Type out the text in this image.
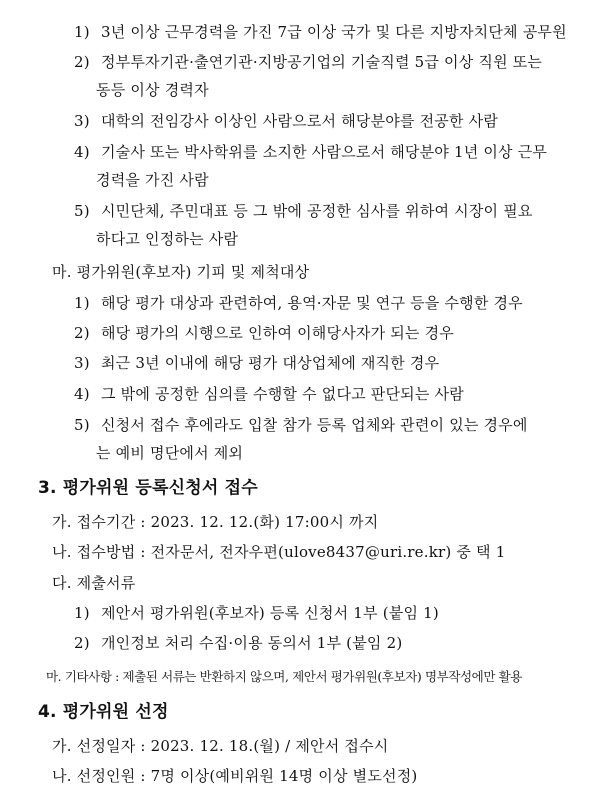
1) 3년 이상 근무경력을 가진 7급 이상 국가 및 다른 지방자치단체 공무원
2) 정부투자기관·출연기관·지방공기업의 기술직렬 5급 이상 직원 또는
동등 이상 경력자
3) 대학의 전임강사 이상인 사람으로서 해당분야를 전공한 사람
4) 기술사 또는 박사학위를 소지한 사람으로서 해당분야 1년 이상 근무
경력을 가진 사람
5) 시민단체, 주민대표 등 그 밖에 공정한 심사를 위하여 시장이 필요
하다고 인정하는 사람
마. 평가위원(후보자) 기피 및 제척대상
1) 해당 평가 대상과 관련하여, 용역·자문 및 연구 등을 수행한 경우
2) 해당 평가의 시행으로 인하여 이해당사자가 되는 경우
3) 최근 3년 이내에 해당 평가 대상업체에 재직한 경우
4) 그 밖에 공정한 심의를 수행할 수 없다고 판단되는 사람
5) 신청서 접수 후에라도 입찰 참가 등록 업체와 관련이 있는 경우에
는 예비 명단에서 제외
3. 평가위원 등록신청서 접수
가. 접수기간 : 2023. 12. 12.(화) 17:00시 까지
나. 접수방법 : 전자문서, 전자우편(ulove8437@uri.re.kr) 중 택 1
다. 제출서류
1) 제안서 평가위원(후보자) 등록 신청서 1부 (붙임 1)
2) 개인정보 처리 수집·이용 동의서 1부 (붙임 2)
마. 기타사항 : 제출된 서류는 반환하지 않으며, 제안서 평가위원(후보자) 명부작성에만 활용
4. 평가위원 선정
가. 선정일자 : 2023. 12. 18.(월) / 제안서 접수시
나. 선정인원 : 7명 이상(예비위원 14명 이상 별도선정)
